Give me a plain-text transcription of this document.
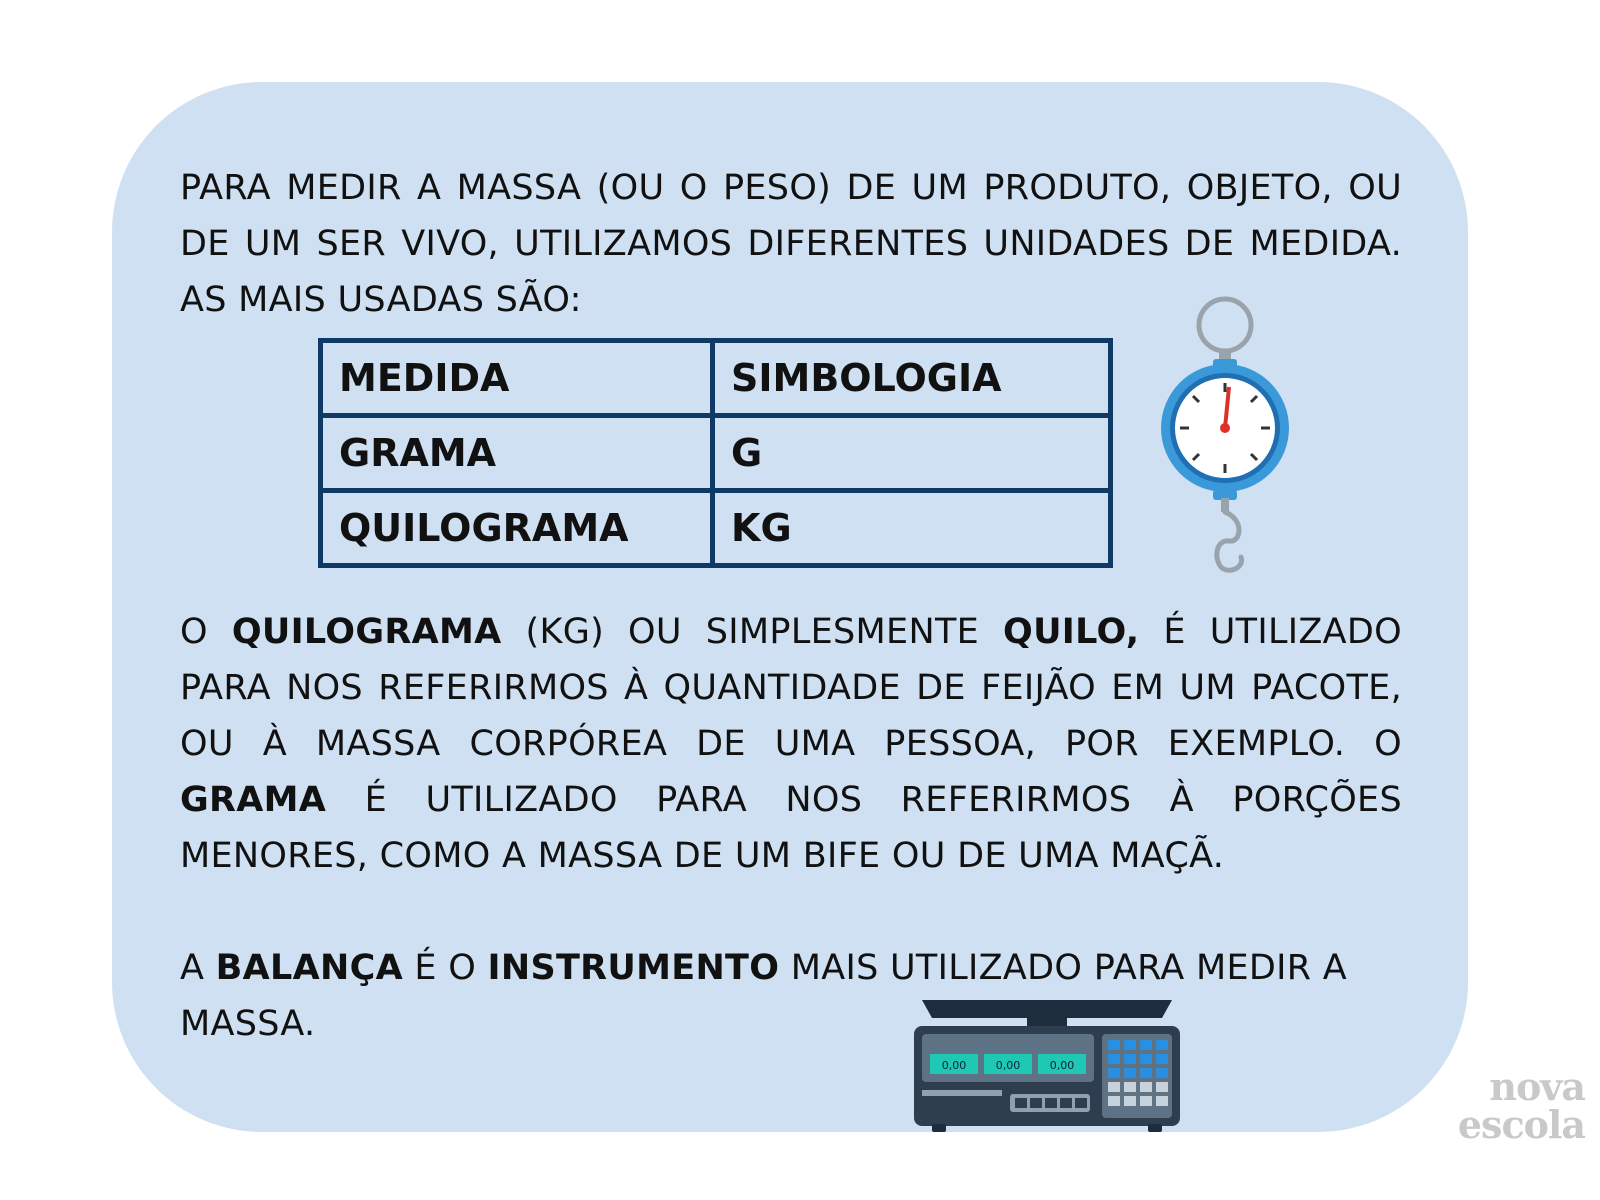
PARA MEDIR A MASSA (OU O PESO) DE UM PRODUTO, OBJETO, OU DE UM SER VIVO, UTILIZAMOS DIFERENTES UNIDADES DE MEDIDA. AS MAIS USADAS SÃO:

MEDIDA	SIMBOLOGIA
GRAMA	G
QUILOGRAMA	KG

O QUILOGRAMA (KG) OU SIMPLESMENTE QUILO, É UTILIZADO PARA NOS REFERIRMOS À QUANTIDADE DE FEIJÃO EM UM PACOTE, OU À MASSA CORPÓREA DE UMA PESSOA, POR EXEMPLO. O GRAMA É UTILIZADO PARA NOS REFERIRMOS À PORÇÕES MENORES, COMO A MASSA DE UM BIFE OU DE UMA MAÇÃ.

A BALANÇA É O INSTRUMENTO MAIS UTILIZADO PARA MEDIR A MASSA.

0,00	0,00	0,00	nova
escola
